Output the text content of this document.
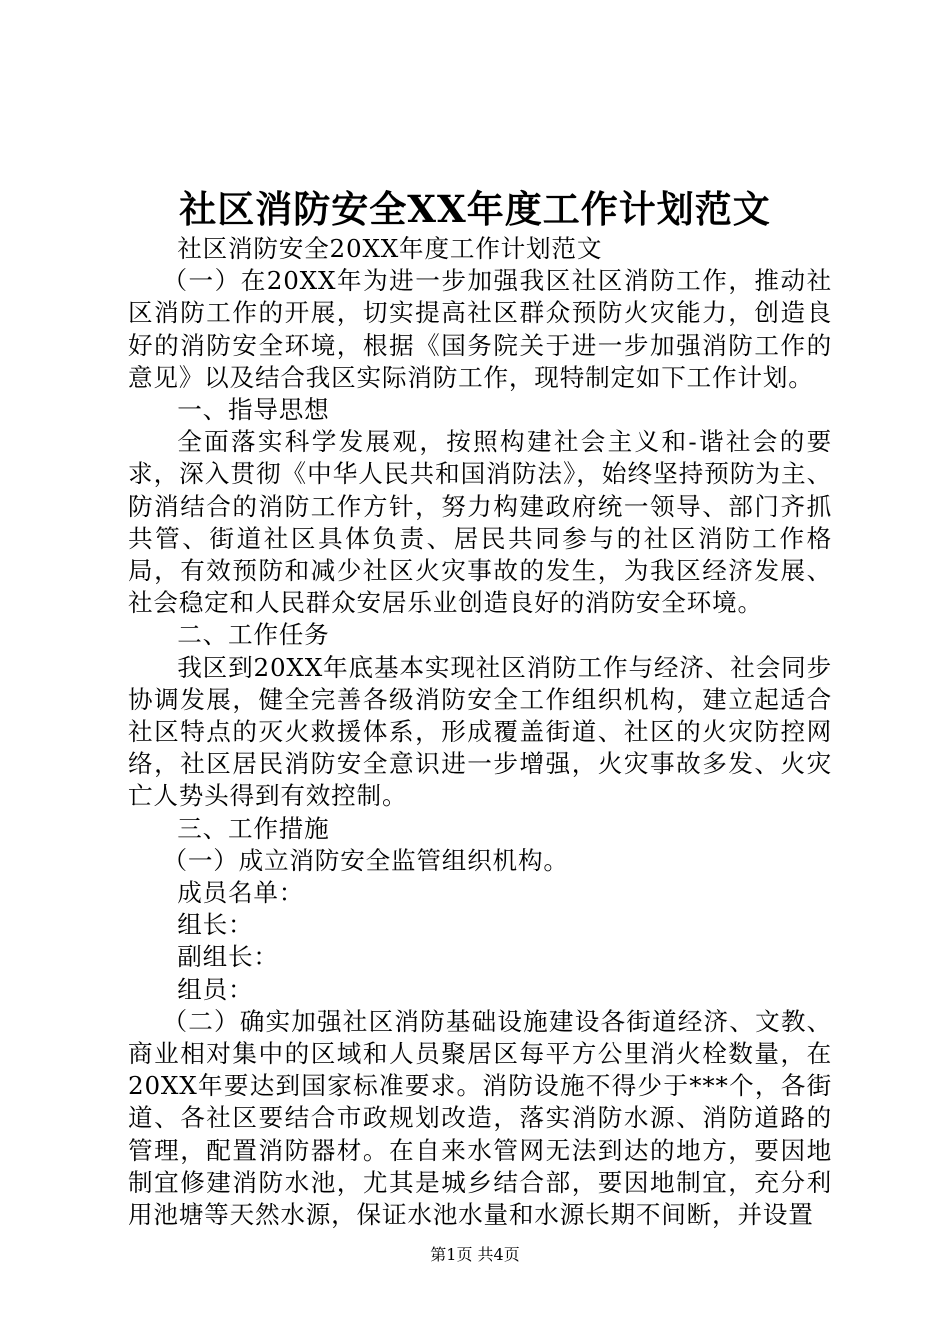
社区消防安全XX年度工作计划范文

社区消防安全20XX年度工作计划范文

（一）在20XX年为进一步加强我区社区消防工作，推动社区消防工作的开展，切实提高社区群众预防火灾能力，创造良好的消防安全环境，根据《国务院关于进一步加强消防工作的意见》以及结合我区实际消防工作，现特制定如下工作计划。

一、指导思想

全面落实科学发展观，按照构建社会主义和-谐社会的要求，深入贯彻《中华人民共和国消防法》，始终坚持预防为主、防消结合的消防工作方针，努力构建政府统一领导、部门齐抓共管、街道社区具体负责、居民共同参与的社区消防工作格局，有效预防和减少社区火灾事故的发生，为我区经济发展、社会稳定和人民群众安居乐业创造良好的消防安全环境。

二、工作任务

我区到20XX年底基本实现社区消防工作与经济、社会同步协调发展，健全完善各级消防安全工作组织机构，建立起适合社区特点的灭火救援体系，形成覆盖街道、社区的火灾防控网络，社区居民消防安全意识进一步增强，火灾事故多发、火灾亡人势头得到有效控制。

三、工作措施

（一）成立消防安全监管组织机构。

成员名单：

组长：

副组长：

组员：

（二）确实加强社区消防基础设施建设各街道经济、文教、商业相对集中的区域和人员聚居区每平方公里消火栓数量，在20XX年要达到国家标准要求。消防设施不得少于***个，各街道、各社区要结合市政规划改造，落实消防水源、消防道路的管理，配置消防器材。在自来水管网无法到达的地方，要因地制宜修建消防水池，尤其是城乡结合部，要因地制宜，充分利用池塘等天然水源，保证水池水量和水源长期不间断，并设置

第1页 共4页
